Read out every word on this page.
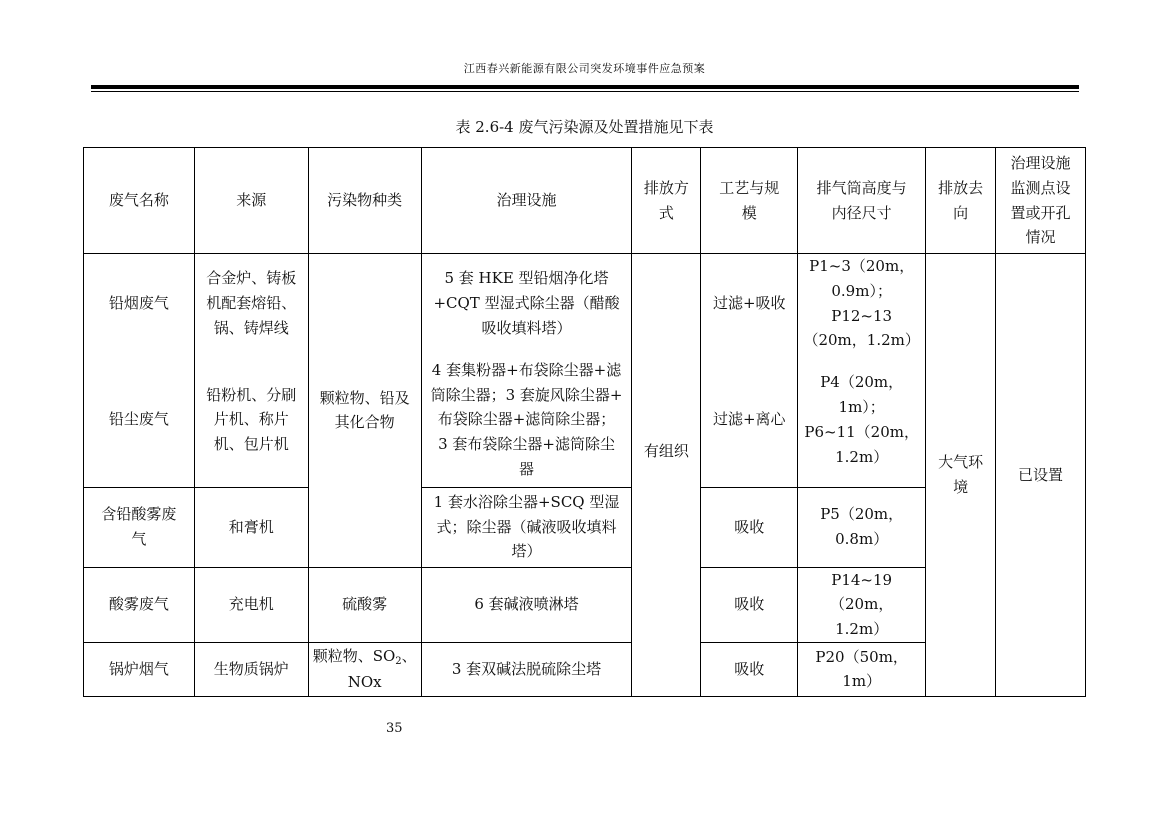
江西春兴新能源有限公司突发环境事件应急预案
表 2.6-4 废气污染源及处置措施见下表
废气名称	来源	污染物种类	治理设施	排放方
式	工艺与规
模	排气筒高度与
内径尺寸	排放去
向	治理设施
监测点设
置或开孔
情况

铅烟废气	合金炉、铸板
机配套熔铅、
锅、铸焊线	颗粒物、铅及
其化合物	5 套 HKE 型铅烟净化塔
+CQT 型湿式除尘器（醋酸
吸收填料塔）	有组织	过滤+吸收	P1~3（20m，
0.9m）；P12~13
（20m，1.2m）	大气环
境	已设置
铅尘废气	铅粉机、分刷
片机、称片
机、包片机		4 套集粉器+布袋除尘器+滤
筒除尘器；3 套旋风除尘器+
布袋除尘器+滤筒除尘器；
3 套布袋除尘器+滤筒除尘
器		过滤+离心	P4（20m，1m）；
P6~11（20m，
1.2m）		

含铅酸雾废
气	和膏机		1 套水浴除尘器+SCQ 型湿
式；除尘器（碱液吸收填料
塔）		吸收	P5（20m，0.8m）		
酸雾废气	充电机	硫酸雾	6 套碱液喷淋塔		吸收	P14~19（20m，
1.2m）		

锅炉烟气	生物质锅炉	颗粒物、$SO_2$、
NOx	3 套双碱法脱硫除尘塔		吸收	P20（50m，1m）		
35
